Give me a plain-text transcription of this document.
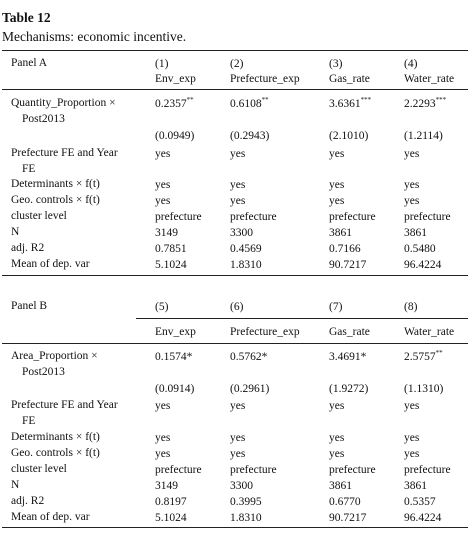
Table 12
Mechanisms: economic incentive.
Panel A	(1)	(2)	(3)	(4)
Env_exp	Prefecture_exp	Gas_rate	Water_rate
Quantity_Proportion ×
Post2013
0.2357**	0.6108**	3.6361***	2.2293***
(0.0949)	(0.2943)	(2.1010)	(1.2114)
Prefecture FE and Year
FE
yes	yes	yes	yes
Determinants × f(t)	yes	yes	yes	yes
Geo. controls × f(t)	yes	yes	yes	yes
cluster level	prefecture prefecture	prefecture prefecture
N	3149	3300	3861	3861
adj. R2	0.7851	0.4569	0.7166	0.5480
Mean of dep. var	5.1024	1.8310	90.7217	96.4224
Panel B	(5)	(6)	(7)	(8)
Env_exp	Prefecture_exp	Gas_rate	Water_rate
Area_Proportion ×
Post2013
0.1574*	0.5762*	3.4691*	2.5757**
(0.0914)	(0.2961)	(1.9272)	(1.1310)
Prefecture FE and Year
FE
yes	yes	yes	yes
Determinants × f(t)	yes	yes	yes	yes
Geo. controls × f(t)	yes	yes	yes	yes
cluster level	prefecture prefecture	prefecture prefecture
N	3149	3300	3861	3861
adj. R2	0.8197	0.3995	0.6770	0.5357
Mean of dep. var	5.1024	1.8310	90.7217	96.4224
